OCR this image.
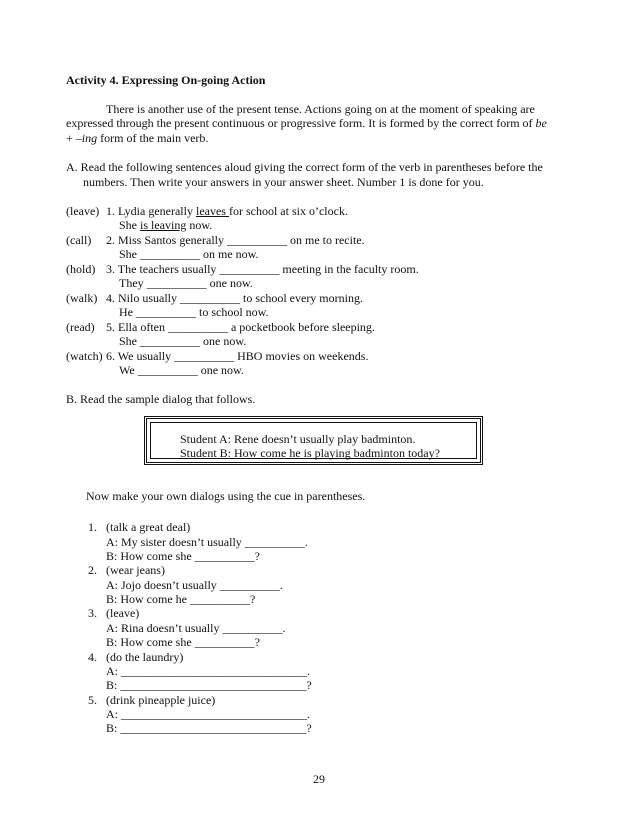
Activity 4. Expressing On-going Action
There is another use of the present tense. Actions going on at the moment of speaking are
expressed through the present continuous or progressive form. It is formed by the correct form of be
+ –ing form of the main verb.
A. Read the following sentences aloud giving the correct form of the verb in parentheses before the
numbers. Then write your answers in your answer sheet. Number 1 is done for you.
(leave) 1. Lydia generally leaves for school at six o’clock.
She is leaving now.
(call) 2. Miss Santos generally __________ on me to recite.
She __________ on me now.
(hold) 3. The teachers usually __________ meeting in the faculty room.
They __________ one now.
(walk) 4. Nilo usually __________ to school every morning.
He __________ to school now.
(read) 5. Ella often __________ a pocketbook before sleeping.
She __________ one now.
(watch) 6. We usually __________ HBO movies on weekends.
We __________ one now.
B. Read the sample dialog that follows.
Student A: Rene doesn’t usually play badminton.
Student B: How come he is playing badminton today?
Now make your own dialogs using the cue in parentheses.
1. (talk a great deal)
A: My sister doesn’t usually __________.
B: How come she __________?
2. (wear jeans)
A: Jojo doesn’t usually __________.
B: How come he __________?
3. (leave)
A: Rina doesn’t usually __________.
B: How come she __________?
4. (do the laundry)
A: _______________________________.
B: _______________________________?
5. (drink pineapple juice)
A: _______________________________.
B: _______________________________?
29
